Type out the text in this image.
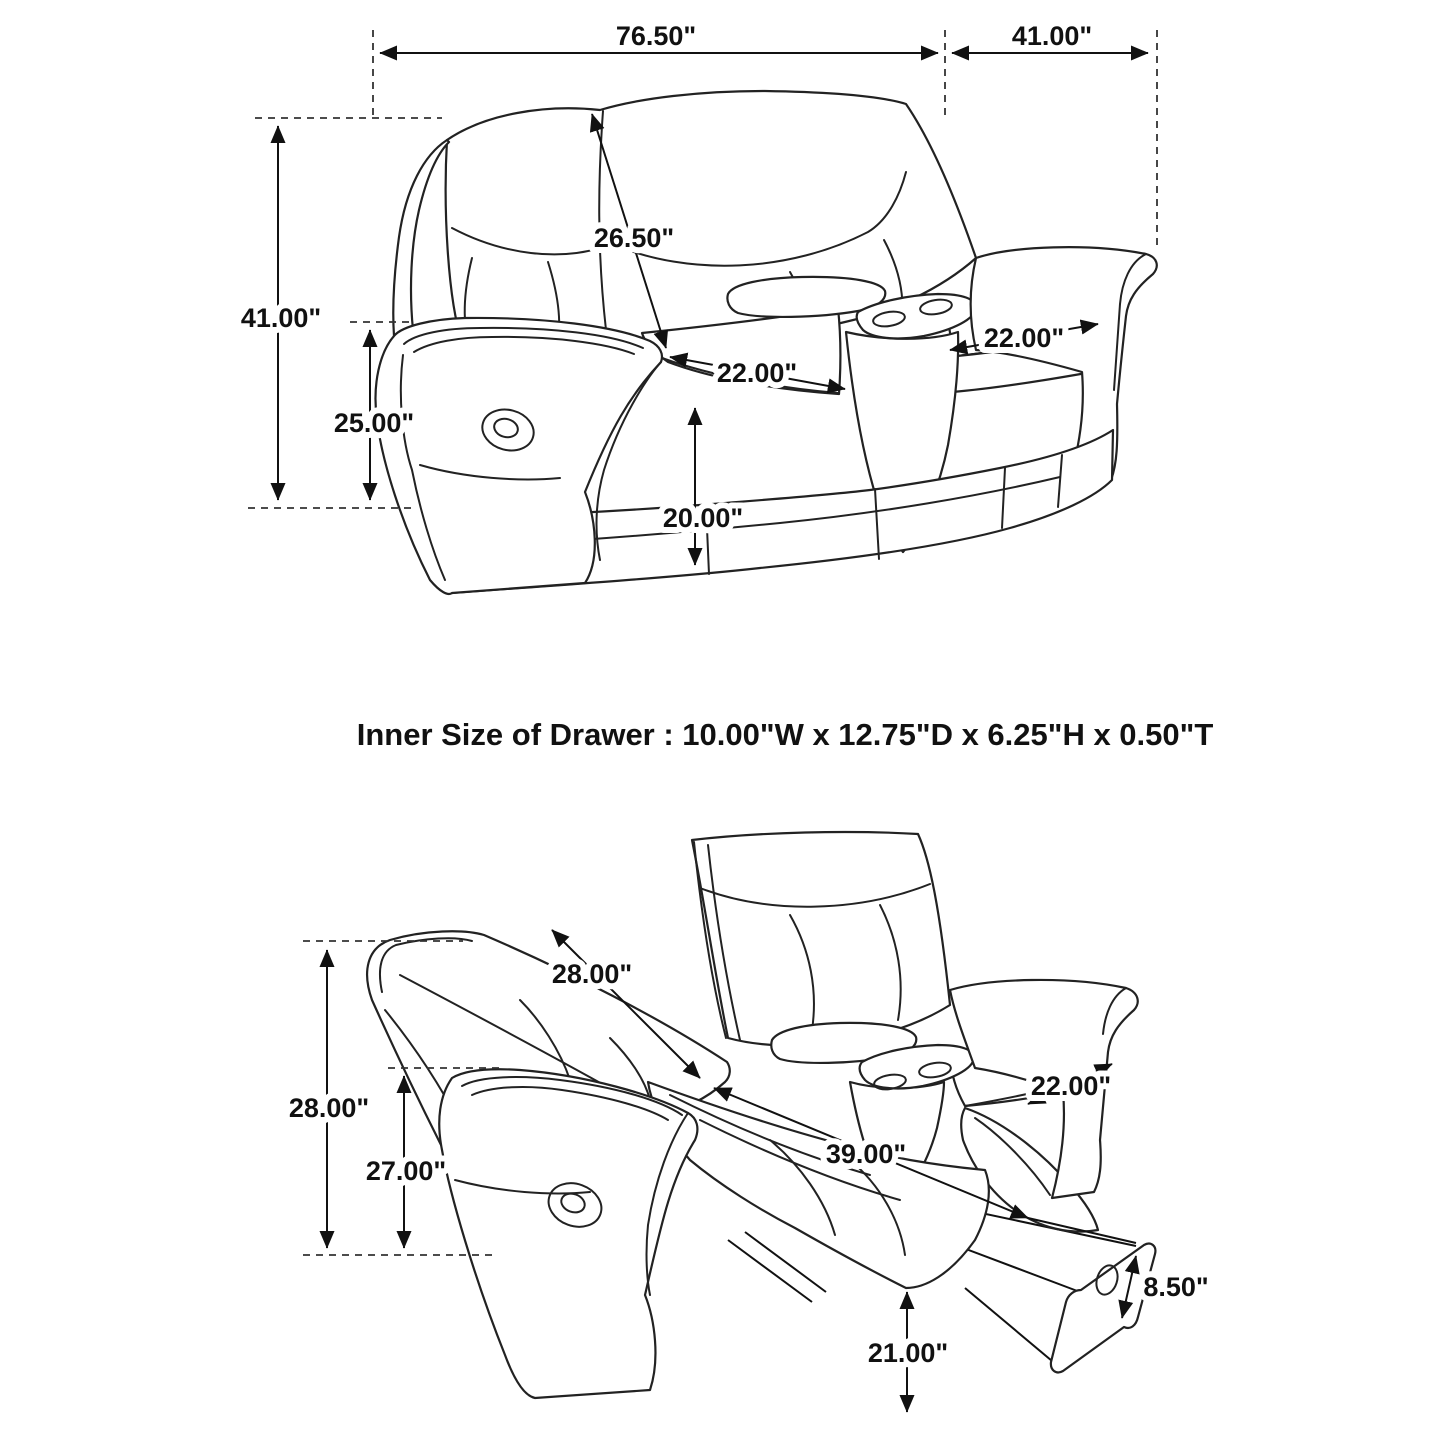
76.50"	41.00"
41.00"
25.00"
26.50"
22.00"
22.00"
20.00"
Inner Size of Drawer : 10.00"W x 12.75"D x 6.25"H x 0.50"T
28.00"
27.00"
28.00"
22.00"
39.00"
21.00"
8.50"
